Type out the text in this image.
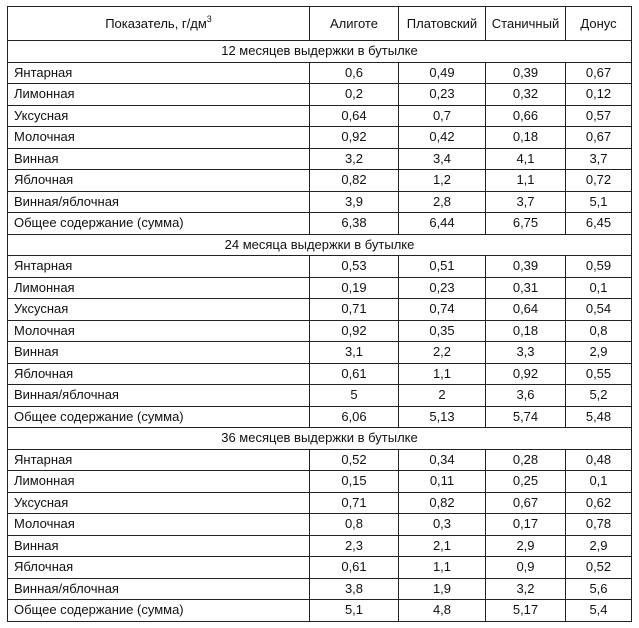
Показатель, $г/дм^3$	Алиготе	Платовский	Станичный	Донус
12 месяцев выдержки в бутылке				
Янтарная	0,6	0,49	0,39	0,67
Лимонная	0,2	0,23	0,32	0,12
Уксусная	0,64	0,7	0,66	0,57
Молочная	0,92	0,42	0,18	0,67
Винная	3,2	3,4	4,1	3,7
Яблочная	0,82	1,2	1,1	0,72
Винная/яблочная	3,9	2,8	3,7	5,1
Общее содержание (сумма)	6,38	6,44	6,75	6,45
24 месяца выдержки в бутылке				
Янтарная	0,53	0,51	0,39	0,59
Лимонная	0,19	0,23	0,31	0,1
Уксусная	0,71	0,74	0,64	0,54
Молочная	0,92	0,35	0,18	0,8
Винная	3,1	2,2	3,3	2,9
Яблочная	0,61	1,1	0,92	0,55
Винная/яблочная	5	2	3,6	5,2
Общее содержание (сумма)	6,06	5,13	5,74	5,48
36 месяцев выдержки в бутылке				
Янтарная	0,52	0,34	0,28	0,48
Лимонная	0,15	0,11	0,25	0,1
Уксусная	0,71	0,82	0,67	0,62
Молочная	0,8	0,3	0,17	0,78
Винная	2,3	2,1	2,9	2,9
Яблочная	0,61	1,1	0,9	0,52
Винная/яблочная	3,8	1,9	3,2	5,6
Общее содержание (сумма)	5,1	4,8	5,17	5,4
